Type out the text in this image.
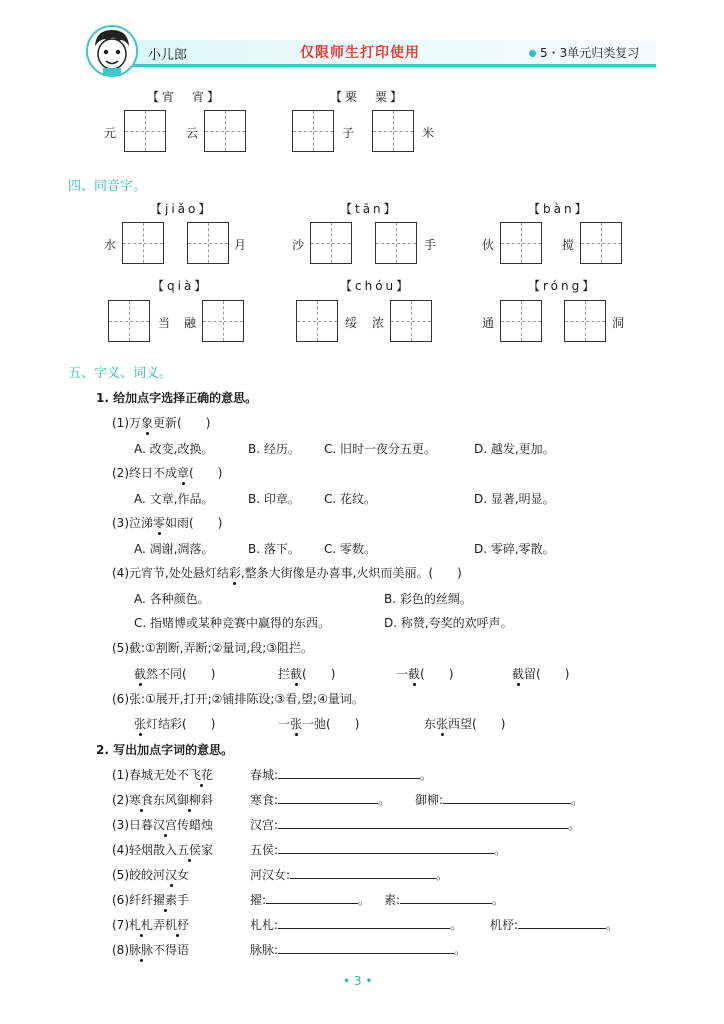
小儿郎	仅限师生打印使用	5・3单元归类复习
【宵　宵】
元	云
【栗　粟】
子	米
四、同音字。
【jiǎo】
水	月
【tān】
沙	手
【bàn】
伙	搅
【qià】
当 融
【chóu】
绥 浓
【róng】
通	洞
五、字义、词义。
1. 给加点字选择正确的意思。
(1)万象更新(　　)
A. 改变,改换。	B. 经历。 C. 旧时一夜分五更。	D. 越发,更加。
(2)终日不成章(　　)
A. 文章,作品。	B. 印章。 C. 花纹。	D. 显著,明显。
(3)泣涕零如雨(　　)
A. 凋谢,凋落。	B. 落下。 C. 零数。	D. 零碎,零散。
(4)元宵节,处处悬灯结彩,整条大街像是办喜事,火炽而美丽。(　　)
A. 各种颜色。	B. 彩色的丝绸。
C. 指赌博或某种竞赛中赢得的东西。	D. 称赞,夸奖的欢呼声。
(5)截:①割断,弄断;②量词,段;③阻拦。
截然不同(　　)	拦截(　　)	一截(　　)	截留(　　)
(6)张:①展开,打开;②铺排陈设;③看,望;④量词。
张灯结彩(　　)	一张一弛(　　)	东张西望(　　)
2. 写出加点字词的意思。
(1)春城无处不飞花	春城:	。
(2)寒食东风御柳斜	寒食:	。 御柳:	。
(3)日暮汉宫传蜡烛	汉宫:	。
(4)轻烟散入五侯家	五侯:	。
(5)皎皎河汉女	河汉女:	。
(6)纤纤擢素手	擢:	。 素:	。
(7)札札弄机杼	札札:	。 机杼:	。
(8)脉脉不得语	脉脉:	。
• 3 •
